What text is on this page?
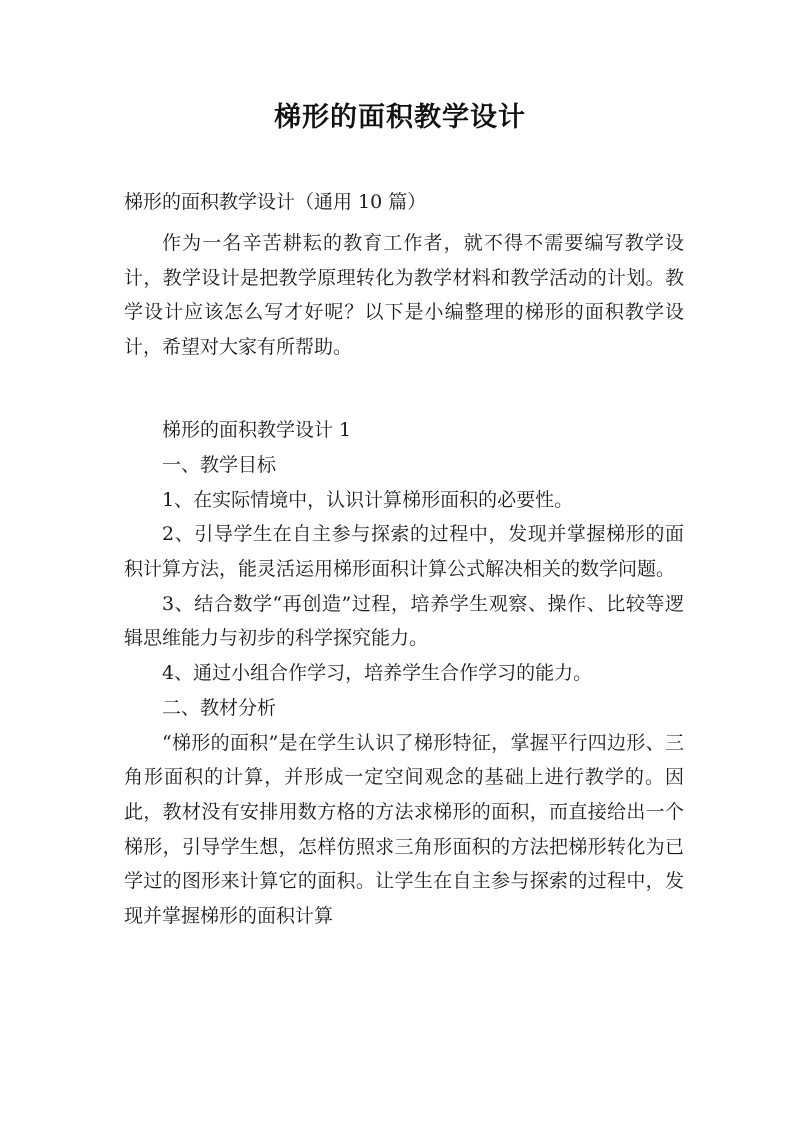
梯形的面积教学设计
梯形的面积教学设计（通用 10 篇）

作为一名辛苦耕耘的教育工作者，就不得不需要编写教学设计，教学设计是把教学原理转化为教学材料和教学活动的计划。教学设计应该怎么写才好呢？以下是小编整理的梯形的面积教学设计，希望对大家有所帮助。

梯形的面积教学设计 1

一、教学目标

1、在实际情境中，认识计算梯形面积的必要性。

2、引导学生在自主参与探索的过程中，发现并掌握梯形的面积计算方法，能灵活运用梯形面积计算公式解决相关的数学问题。

3、结合数学“再创造”过程，培养学生观察、操作、比较等逻辑思维能力与初步的科学探究能力。

4、通过小组合作学习，培养学生合作学习的能力。

二、教材分析

“梯形的面积”是在学生认识了梯形特征，掌握平行四边形、三角形面积的计算，并形成一定空间观念的基础上进行教学的。因此，教材没有安排用数方格的方法求梯形的面积，而直接给出一个梯形，引导学生想，怎样仿照求三角形面积的方法把梯形转化为已学过的图形来计算它的面积。让学生在自主参与探索的过程中，发现并掌握梯形的面积计算
